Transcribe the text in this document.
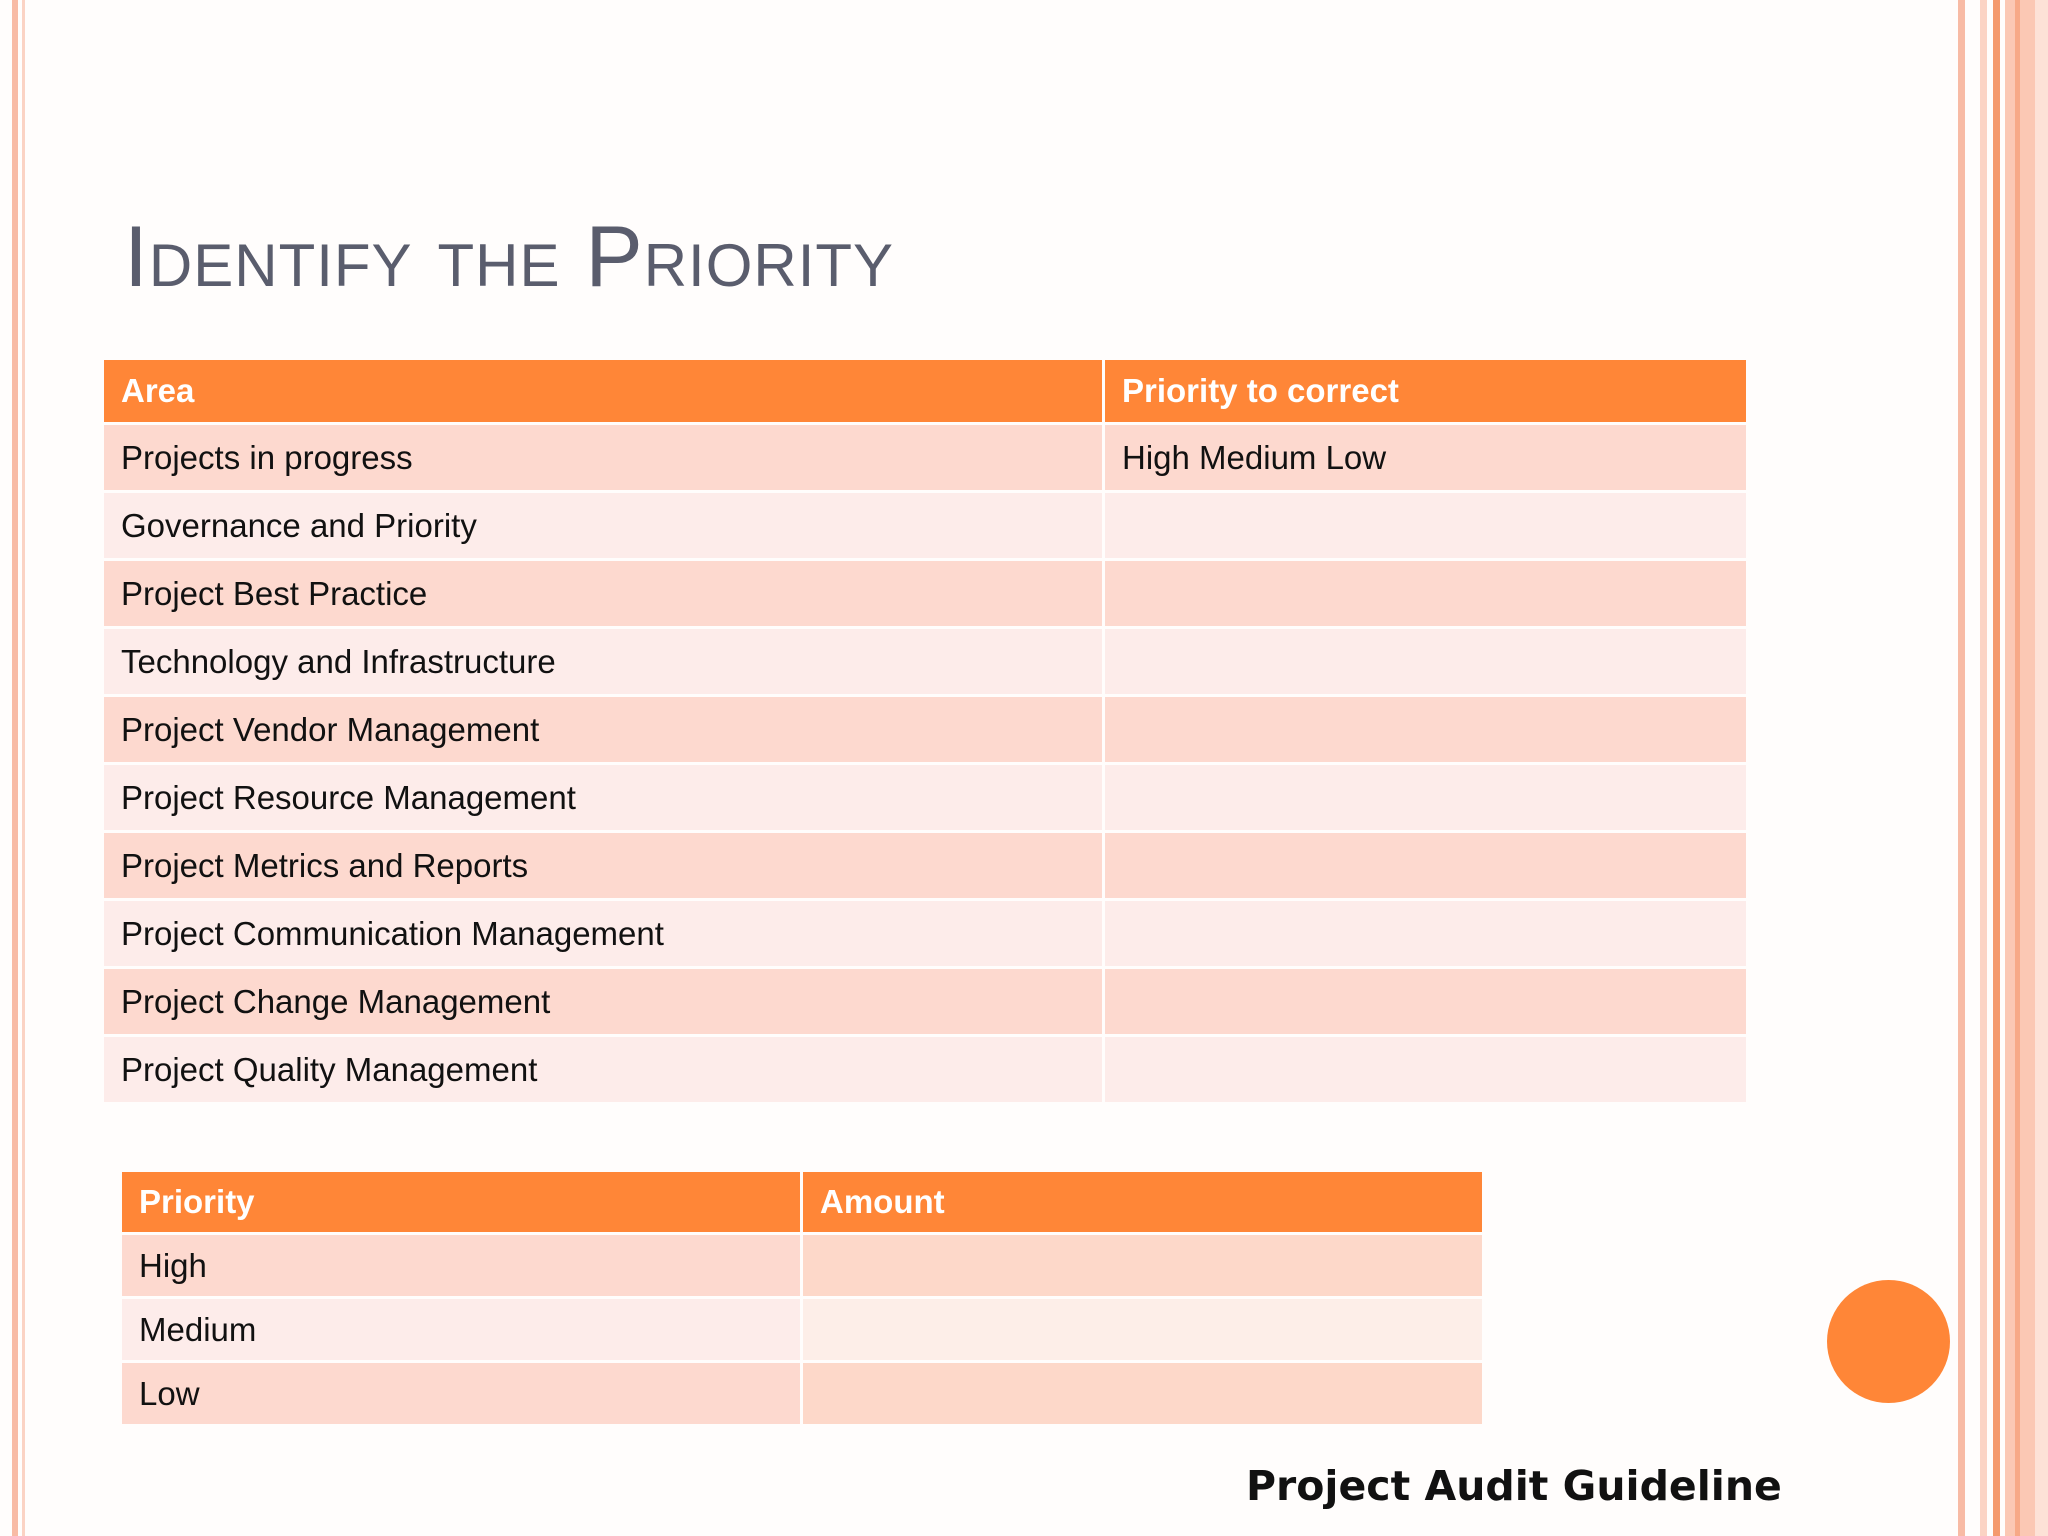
Identify the Priority
Area	Priority to correct
Projects in progress	High Medium Low
Governance and Priority	
Project Best Practice	
Technology and Infrastructure	
Project Vendor Management	
Project Resource Management	
Project Metrics and Reports	
Project Communication Management	
Project Change Management	
Project Quality Management	
Priority	Amount
High	
Medium	
Low	
Project Audit Guideline
